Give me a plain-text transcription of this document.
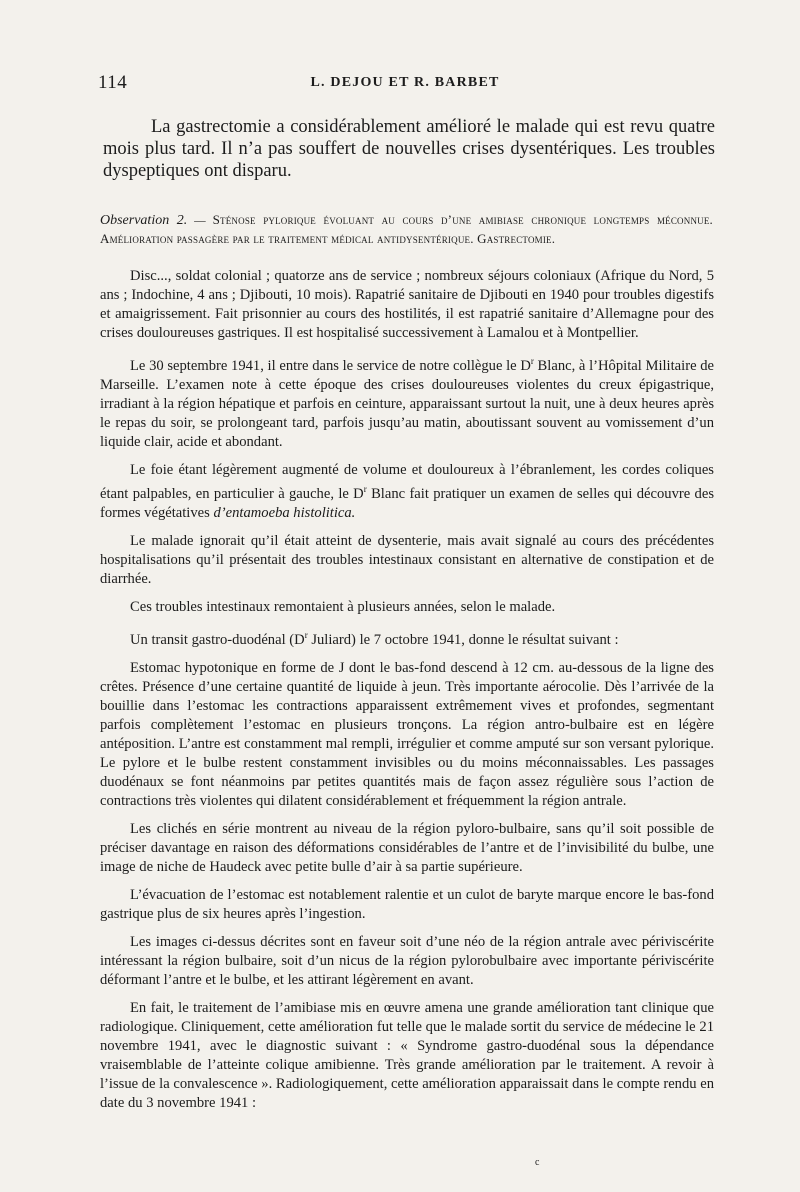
114	L. DEJOU ET R. BARBET

La gastrectomie a considérablement amélioré le malade qui est revu quatre mois plus tard. Il n’a pas souffert de nouvelles crises dysentériques. Les troubles dyspeptiques ont disparu.

Observation 2. — Sténose pylorique évoluant au cours d’une amibiase chronique longtemps méconnue. Amélioration passagère par le traitement médical antidysentérique. Gastrectomie.

Disc..., soldat colonial ; quatorze ans de service ; nombreux séjours coloniaux (Afrique du Nord, 5 ans ; Indochine, 4 ans ; Djibouti, 10 mois). Rapatrié sanitaire de Djibouti en 1940 pour troubles digestifs et amaigrissement. Fait prisonnier au cours des hostilités, il est rapatrié sanitaire d’Allemagne pour des crises douloureuses gastriques. Il est hospitalisé successivement à Lamalou et à Montpellier.

Le 30 septembre 1941, il entre dans le service de notre collègue le $D^r$ Blanc, à l’Hôpital Militaire de Marseille. L’examen note à cette époque des crises douloureuses violentes du creux épigastrique, irradiant à la région hépatique et parfois en ceinture, apparaissant surtout la nuit, une à deux heures après le repas du soir, se prolongeant tard, parfois jusqu’au matin, aboutissant souvent au vomissement d’un liquide clair, acide et abondant.

Le foie étant légèrement augmenté de volume et douloureux à l’ébranlement, les cordes coliques étant palpables, en particulier à gauche, le $D^r$ Blanc fait pratiquer un examen de selles qui découvre des formes végétatives d’entamoeba histolitica.

Le malade ignorait qu’il était atteint de dysenterie, mais avait signalé au cours des précédentes hospitalisations qu’il présentait des troubles intestinaux consistant en alternative de constipation et de diarrhée.

Ces troubles intestinaux remontaient à plusieurs années, selon le malade.

Un transit gastro-duodénal ($D^r$ Juliard) le 7 octobre 1941, donne le résultat suivant :

Estomac hypotonique en forme de J dont le bas-fond descend à 12 cm. au-dessous de la ligne des crêtes. Présence d’une certaine quantité de liquide à jeun. Très importante aérocolie. Dès l’arrivée de la bouillie dans l’estomac les contractions apparaissent extrêmement vives et profondes, segmentant parfois complètement l’estomac en plusieurs tronçons. La région antro-bulbaire est en légère antéposition. L’antre est constamment mal rempli, irrégulier et comme amputé sur son versant pylorique. Le pylore et le bulbe restent constamment invisibles ou du moins méconnaissables. Les passages duodénaux se font néanmoins par petites quantités mais de façon assez régulière sous l’action de contractions très violentes qui dilatent considérablement et fréquemment la région antrale.

Les clichés en série montrent au niveau de la région pyloro-bulbaire, sans qu’il soit possible de préciser davantage en raison des déformations considérables de l’antre et de l’invisibilité du bulbe, une image de niche de Haudeck avec petite bulle d’air à sa partie supérieure.

L’évacuation de l’estomac est notablement ralentie et un culot de baryte marque encore le bas-fond gastrique plus de six heures après l’ingestion.

Les images ci-dessus décrites sont en faveur soit d’une néo de la région antrale avec périviscérite intéressant la région bulbaire, soit d’un nicus de la région pylorobulbaire avec importante périviscérite déformant l’antre et le bulbe, et les attirant légèrement en avant.

En fait, le traitement de l’amibiase mis en œuvre amena une grande amélioration tant clinique que radiologique. Cliniquement, cette amélioration fut telle que le malade sortit du service de médecine le 21 novembre 1941, avec le diagnostic suivant : « Syndrome gastro-duodénal sous la dépendance vraisemblable de l’atteinte colique amibienne. Très grande amélioration par le traitement. A revoir à l’issue de la convalescence ». Radiologiquement, cette amélioration apparaissait dans le compte rendu en date du 3 novembre 1941 :

c
